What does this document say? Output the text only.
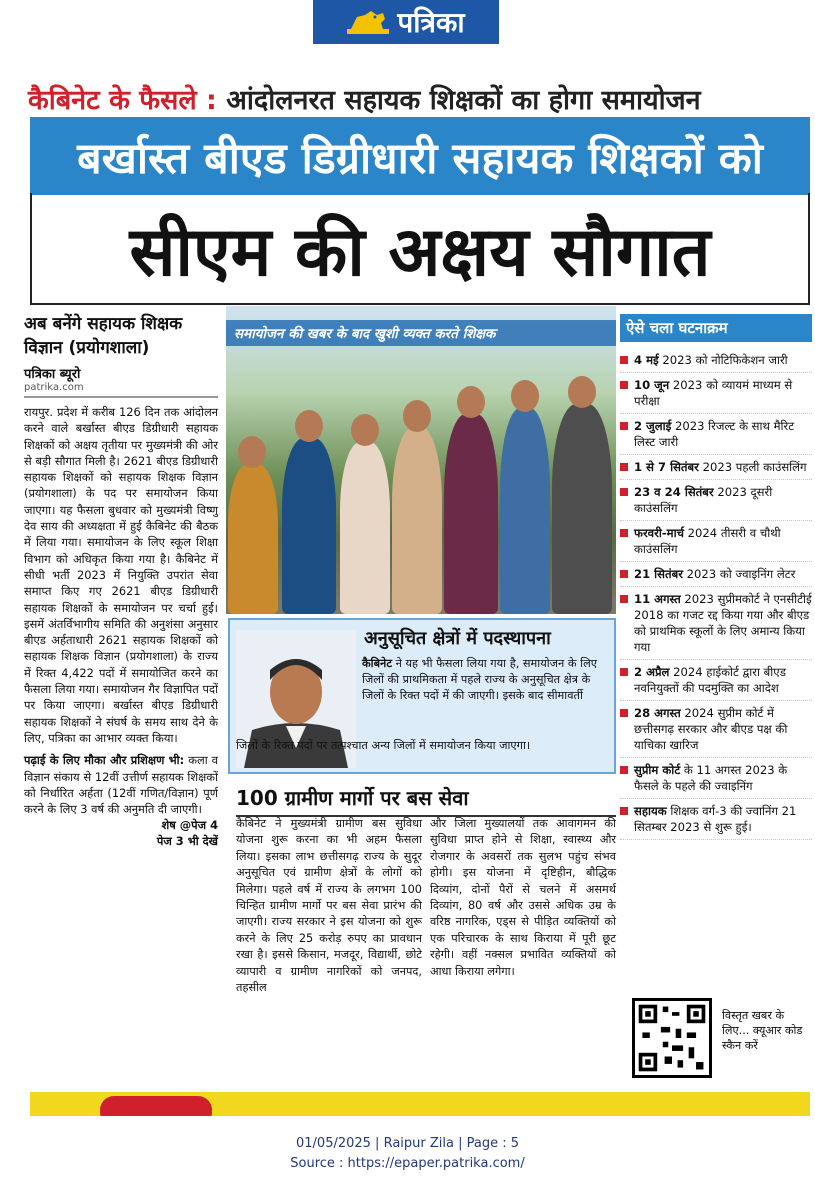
पत्रिका
कैबिनेट के फैसले : आंदोलनरत सहायक शिक्षकों का होगा समायोजन
बर्खास्त बीएड डिग्रीधारी सहायक शिक्षकों को
सीएम की अक्षय सौगात
अब बनेंगे सहायक शिक्षक विज्ञान (प्रयोगशाला)
पत्रिका ब्यूरो
patrika.com

रायपुर. प्रदेश में करीब 126 दिन तक आंदोलन करने वाले बर्खास्त बीएड डिग्रीधारी सहायक शिक्षकों को अक्षय तृतीया पर मुख्यमंत्री की ओर से बड़ी सौगात मिली है। 2621 बीएड डिग्रीधारी सहायक शिक्षकों को सहायक शिक्षक विज्ञान (प्रयोगशाला) के पद पर समायोजन किया जाएगा। यह फैसला बुधवार को मुख्यमंत्री विष्णु देव साय की अध्यक्षता में हुई कैबिनेट की बैठक में लिया गया। समायोजन के लिए स्कूल शिक्षा विभाग को अधिकृत किया गया है। कैबिनेट में सीधी भर्ती 2023 में नियुक्ति उपरांत सेवा समाप्त किए गए 2621 बीएड डिग्रीधारी सहायक शिक्षकों के समायोजन पर चर्चा हुई। इसमें अंतर्विभागीय समिति की अनुशंसा अनुसार बीएड अर्हताधारी 2621 सहायक शिक्षकों को सहायक शिक्षक विज्ञान (प्रयोगशाला) के राज्य में रिक्त 4,422 पदों में समायोजित करने का फैसला लिया गया। समायोजन गैर विज्ञापित पदों पर किया जाएगा। बर्खास्त बीएड डिग्रीधारी सहायक शिक्षकों ने संघर्ष के समय साथ देने के लिए, पत्रिका का आभार व्यक्त किया।

पढ़ाई के लिए मौका और प्रशिक्षण भी: कला व विज्ञान संकाय से 12वीं उत्तीर्ण सहायक शिक्षकों को निर्धारित अर्हता (12वीं गणित/विज्ञान) पूर्ण करने के लिए 3 वर्ष की अनुमति दी जाएगी।

शेष @पेज 4
पेज 3 भी देखें
समायोजन की खबर के बाद खुशी व्यक्त करते शिक्षक
अनुसूचित क्षेत्रों में पदस्थापना

कैबिनेट ने यह भी फैसला लिया गया है, समायोजन के लिए जिलों की प्राथमिकता में पहले राज्य के अनुसूचित क्षेत्र के जिलों के रिक्त पदों में की जाएगी। इसके बाद सीमावर्ती

जिलों के रिक्त पदों पर तत्पश्चात अन्य जिलों में समायोजन किया जाएगा।

100 ग्रामीण मार्गो पर बस सेवा

कैबिनेट ने मुख्यमंत्री ग्रामीण बस सुविधा योजना शुरू करना का भी अहम फैसला लिया। इसका लाभ छत्तीसगढ़ राज्य के सुदूर अनुसूचित एवं ग्रामीण क्षेत्रों के लोगों को मिलेगा। पहले वर्ष में राज्य के लगभग 100 चिन्हित ग्रामीण मार्गो पर बस सेवा प्रारंभ की जाएगी। राज्य सरकार ने इस योजना को शुरू करने के लिए 25 करोड़ रुपए का प्रावधान रखा है। इससे किसान, मजदूर, विद्यार्थी, छोटे व्यापारी व ग्रामीण नागरिकों को जनपद, तहसील

और जिला मुख्यालयों तक आवागमन की सुविधा प्राप्त होने से शिक्षा, स्वास्थ्य और रोजगार के अवसरों तक सुलभ पहुंच संभव होगी। इस योजना में दृष्टिहीन, बौद्धिक दिव्यांग, दोनों पैरों से चलने में असमर्थ दिव्यांग, 80 वर्ष और उससे अधिक उम्र के वरिष्ठ नागरिक, एड्स से पीड़ित व्यक्तियों को एक परिचारक के साथ किराया में पूरी छूट रहेगी। वहीं नक्सल प्रभावित व्यक्तियों को आधा किराया लगेगा।

ऐसे चला घटनाक्रम
4 मई 2023 को नोटिफिकेशन जारी
10 जून 2023 को व्यायमं माध्यम से परीक्षा
2 जुलाई 2023 रिजल्ट के साथ मैरिट लिस्ट जारी
1 से 7 सितंबर 2023 पहली काउंसलिंग
23 व 24 सितंबर 2023 दूसरी काउंसलिंग
फरवरी-मार्च 2024 तीसरी व चौथी काउंसलिंग
21 सितंबर 2023 को ज्वाइनिंग लेटर
11 अगस्त 2023 सुप्रीमकोर्ट ने एनसीटीई 2018 का गजट रद्द किया गया और बीएड को प्राथमिक स्कूलों के लिए अमान्य किया गया
2 अप्रैल 2024 हाईकोर्ट द्वारा बीएड नवनियुक्तों की पदमुक्ति का आदेश
28 अगस्त 2024 सुप्रीम कोर्ट में छत्तीसगढ़ सरकार और बीएड पक्ष की याचिका खारिज
सुप्रीम कोर्ट के 11 अगस्त 2023 के फैसले के पहले की ज्वाइनिंग
सहायक शिक्षक वर्ग-3 की ज्वानिंग 21 सितम्बर 2023 से शुरू हुई।
विस्तृत खबर के लिए... क्यूआर कोड स्कैन करें
01/05/2025 | Raipur Zila | Page : 5
Source : https://epaper.patrika.com/
